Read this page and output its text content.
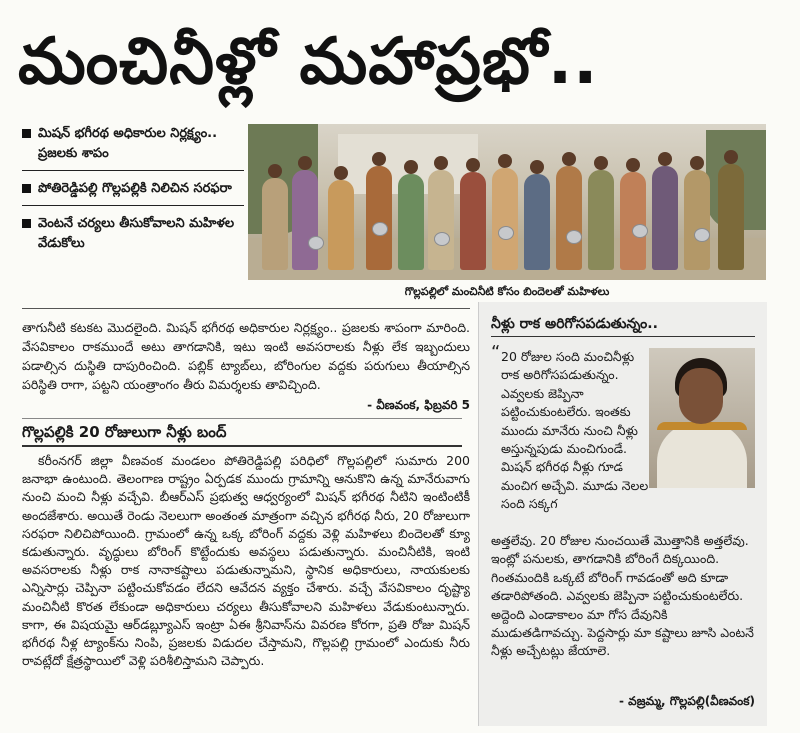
మంచినీళ్లో మహాప్రభో..
మిషన్ భగీరథ అధికారుల నిర్లక్ష్యం.. ప్రజలకు శాపం
పోతిరెడ్డిపల్లి గొల్లపల్లికి నిలిచిన సరఫరా
వెంటనే చర్యలు తీసుకోవాలని మహిళల వేడుకోలు
గొల్లపల్లిలో మంచినీటి కోసం బిందెలతో మహిళలు
తాగునీటి కటకట మొదలైంది. మిషన్ భగీరథ అధికారుల నిర్లక్ష్యం.. ప్రజలకు శాపంగా మారింది. వేసవికాలం రాకముందే అటు తాగడానికి, ఇటు ఇంటి అవసరాలకు నీళ్లు లేక ఇబ్బందులు పడాల్సిన దుస్థితి దాపురించింది. పబ్లిక్ ట్యాబ్‌లు, బోరింగుల వద్దకు పరుగులు తీయాల్సిన పరిస్థితి రాగా, పట్టని యంత్రాంగం తీరు విమర్శలకు తావిచ్చింది.
- వీణవంక, ఫిబ్రవరి 5
గొల్లపల్లికి 20 రోజులుగా నీళ్లు బంద్
కరీంనగర్ జిల్లా వీణవంక మండలం పోతిరెడ్డిపల్లి పరిధిలో గొల్లపల్లిలో సుమారు 200 జనాభా ఉంటుంది. తెలంగాణ రాష్ట్రం ఏర్పడక ముందు గ్రామాన్ని ఆనుకొని ఉన్న మానేరువాగు నుంచి మంచి నీళ్లు వచ్చేవి. బీఆర్ఎస్ ప్రభుత్వ ఆధ్వర్యంలో మిషన్ భగీరథ నీటిని ఇంటింటికీ అందజేశారు. అయితే రెండు నెలలుగా అంతంత మాత్రంగా వచ్చిన భగీరథ నీరు, 20 రోజులుగా సరఫరా నిలిచిపోయింది. గ్రామంలో ఉన్న ఒక్క బోరింగ్ వద్దకు వెళ్లి మహిళలు బిందెలతో క్యూ కడుతున్నారు. వృద్ధులు బోరింగ్ కొట్టేందుకు అవస్థలు పడుతున్నారు. మంచినీటికి, ఇంటి అవసరాలకు నీళ్లు రాక నానాకష్టాలు పడుతున్నామని, స్థానిక అధికారులు, నాయకులకు ఎన్నిసార్లు చెప్పినా పట్టించుకోవడం లేదని ఆవేదన వ్యక్తం చేశారు. వచ్చే వేసవికాలం దృష్ట్యా మంచినీటి కొరత లేకుండా అధికారులు చర్యలు తీసుకోవాలని మహిళలు వేడుకుంటున్నారు. కాగా, ఈ విషయమై ఆర్‌డబ్ల్యూఎస్ ఇంట్రా ఏఈ శ్రీనివాస్‌ను వివరణ కోరగా, ప్రతి రోజు మిషన్ భగీరథ నీళ్ల ట్యాంక్‌ను నింపి, ప్రజలకు విడుదల చేస్తామని, గొల్లపల్లి గ్రామంలో ఎందుకు నీరు రావట్లేదో క్షేత్రస్థాయిలో వెళ్లి పరిశీలిస్తామని చెప్పారు.
నీళ్లు రాక అరిగోసపడుతున్నం..
“ 20 రోజుల సంది మంచినీళ్లు రాక అరిగోసపడుతున్నం. ఎవ్వలకు జెప్పినా పట్టించుకుంటలేరు. ఇంతకు ముందు మానేరు నుంచి నీళ్లు అస్తున్నపుడు మంచిగుండే. మిషన్ భగీరథ నీళ్లు గూడ మంచిగ అచ్చేవి. మూడు నెలల సంది సక్కగ
అత్తలేవు. 20 రోజుల నుంచయితే మొత్తానికి అత్తలేవు. ఇంట్లో పనులకు, తాగడానికి బోరింగే దిక్కయింది. గింతమందికి ఒక్కటే బోరింగ్ గావడంతో అది కూడా తడారిపోతంది. ఎవ్వలకు జెప్పినా పట్టించుకుంటలేరు. అద్దెంది ఎండాకాలం మా గోస దేవునికి ముడుతడిగావచ్చు. పెద్దసార్లు మా కష్టాలు జూసి ఎంటనే నీళ్లు అచ్చేటట్లు జేయాలె.
- వజ్రమ్మ, గొల్లపల్లి(వీణవంక)
